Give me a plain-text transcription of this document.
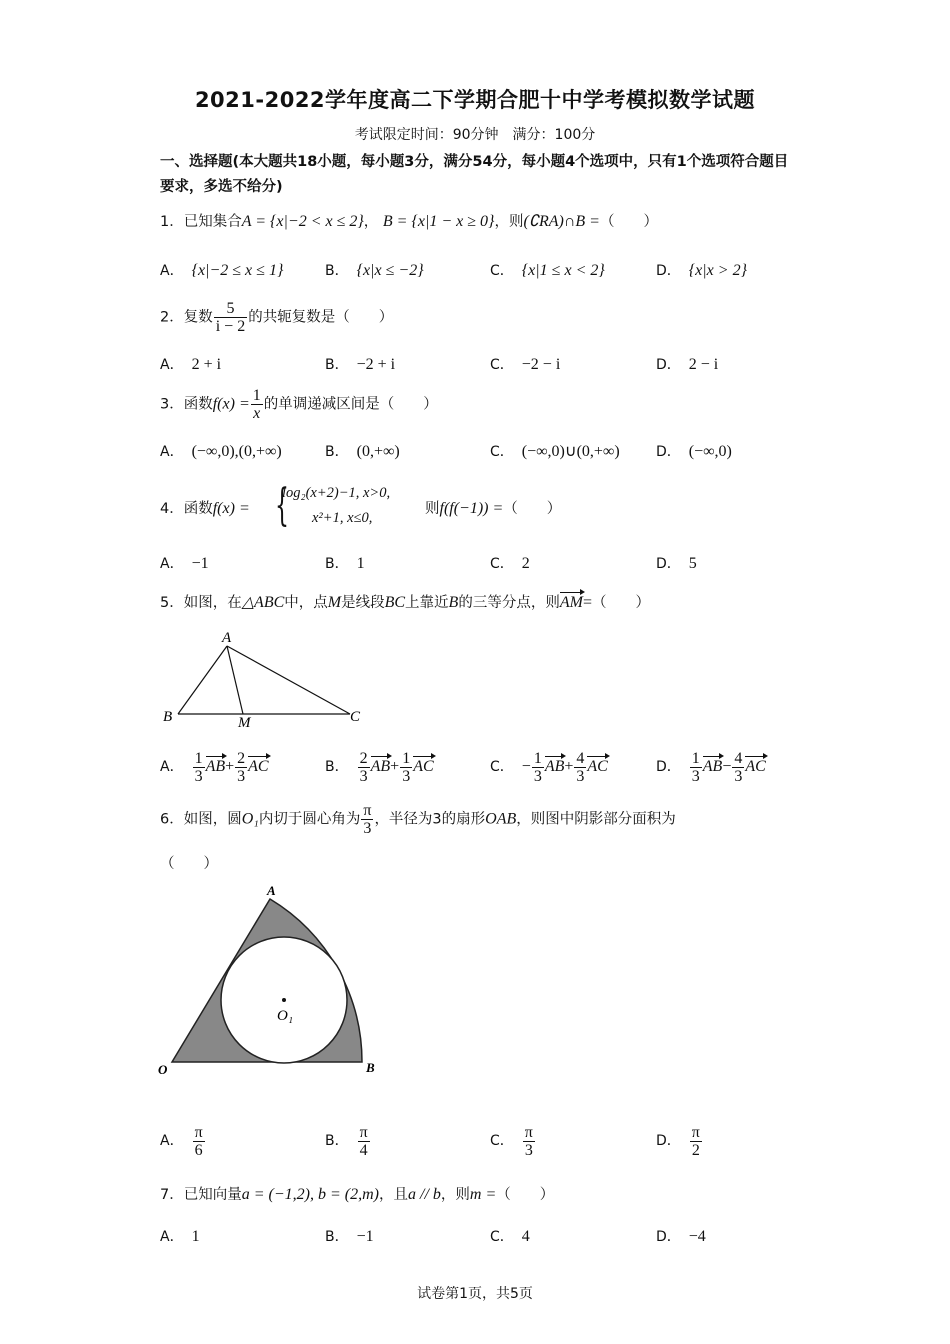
2021-2022学年度高二下学期合肥十中学考模拟数学试题
考试限定时间：90分钟　满分：100分
一、选择题(本大题共18小题，每小题3分，满分54分，每小题4个选项中，只有1个选项符合题目要求，多选不给分)
1．已知集合A = {x|−2 < x ≤ 2}， B = {x|1 − x ≥ 0}，则(∁RA)∩B =（　　）
A． {x|−2 ≤ x ≤ 1}	B． {x|x ≤ −2}	C． {x|1 ≤ x < 2}	D． {x|x > 2}
2．复数 $\frac{5}{i - 2}$ 的共轭复数是（　　）
A． 2 + i	B． −2 + i	C． −2 − i	D． 2 − i
3．函数$f(x) = \frac{1}{x}$ 的单调递减区间是（　　）
A． (−∞,0),(0,+∞)	B． (0,+∞)	C． (−∞,0)∪(0,+∞)	D． (−∞,0)
4．函数f(x) = {
log₂(x+2)−1, x>0,
x²+1, x≤0,
则f(f(−1)) =（　　）
A． −1	B． 1	C． 2	D． 5
5．如图，在△ABC中，点M是线段BC上靠近B的三等分点，则AM=（　　）
A
B	C
M
A． $\frac{1}{3} AB+ \frac{2}{3}$ AC	B． $\frac{2}{3} AB+ \frac{1}{3}$ AC	C． − $\frac{1}{3} AB+ \frac{4}{3}$ AC	D． $\frac{1}{3} AB- \frac{4}{3}$ AC
6．如图，圆O₁内切于圆心角为 $\frac{\pi}{3}$ ，半径为3的扇形OAB，则图中阴影部分面积为
（　　）
A
O	B
O₁
A． $\frac{\pi}{6}$	B． $\frac{\pi}{4}$	C． $\frac{\pi}{3}$	D． $\frac{\pi}{2}$
7．已知向量a = (−1,2), b = (2,m)，且a // b，则m =（　　）
A． 1	B． −1	C． 4	D． −4
试卷第1页，共5页
